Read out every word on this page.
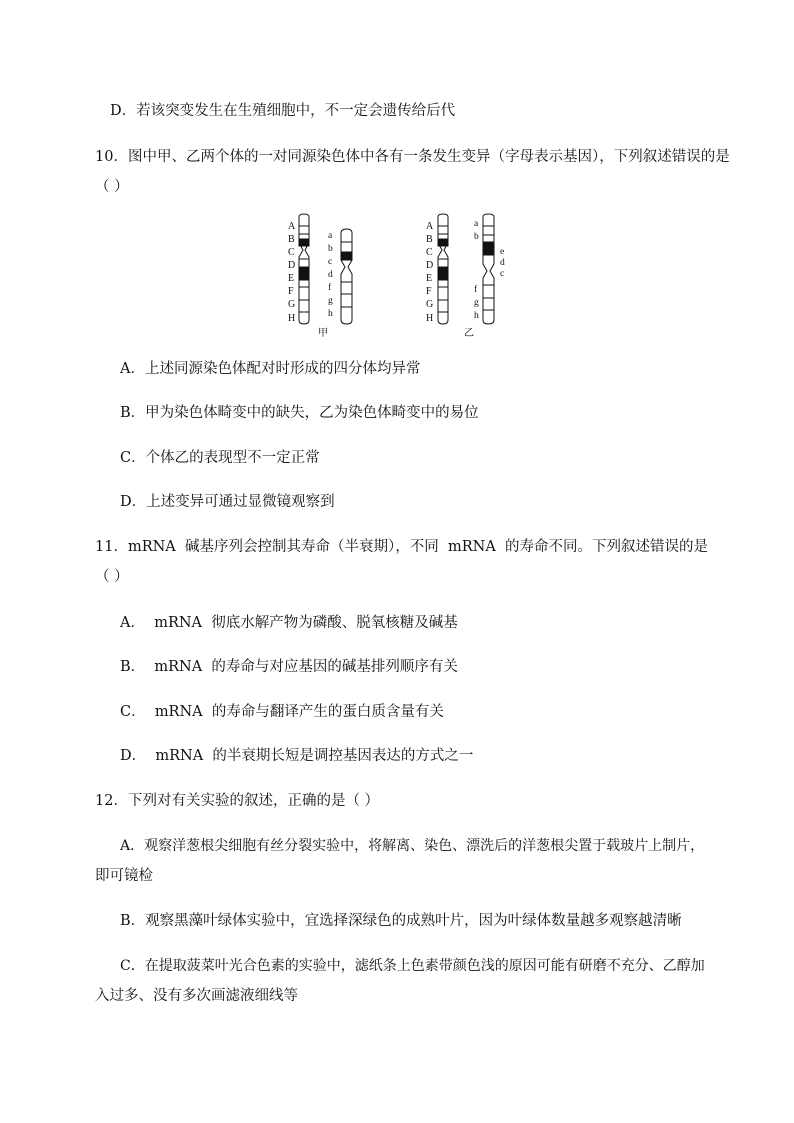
D．若该突变发生在生殖细胞中，不一定会遗传给后代
10．图中甲、乙两个体的一对同源染色体中各有一条发生变异（字母表示基因），下列叙述错误的是
（ ）
A
B
C
D
E
F
G
H
a
b
c
d
f
g
h
甲
A
B
C
D
E
F
G
H
a
b
e
d
c
f
g
h
乙
A．上述同源染色体配对时形成的四分体均异常
B．甲为染色体畸变中的缺失，乙为染色体畸变中的易位
C．个体乙的表现型不一定正常
D．上述变异可通过显微镜观察到
11．mRNA  碱基序列会控制其寿命（半衰期），不同  mRNA  的寿命不同。下列叙述错误的是
（ ）
A．  mRNA  彻底水解产物为磷酸、脱氧核糖及碱基
B．  mRNA  的寿命与对应基因的碱基排列顺序有关
C．  mRNA  的寿命与翻译产生的蛋白质含量有关
D．  mRNA  的半衰期长短是调控基因表达的方式之一
12．下列对有关实验的叙述，正确的是（ ）
A．观察洋葱根尖细胞有丝分裂实验中，将解离、染色、漂洗后的洋葱根尖置于载玻片上制片，
即可镜检
B．观察黑藻叶绿体实验中，宜选择深绿色的成熟叶片，因为叶绿体数量越多观察越清晰
C．在提取菠菜叶光合色素的实验中，滤纸条上色素带颜色浅的原因可能有研磨不充分、乙醇加
入过多、没有多次画滤液细线等
